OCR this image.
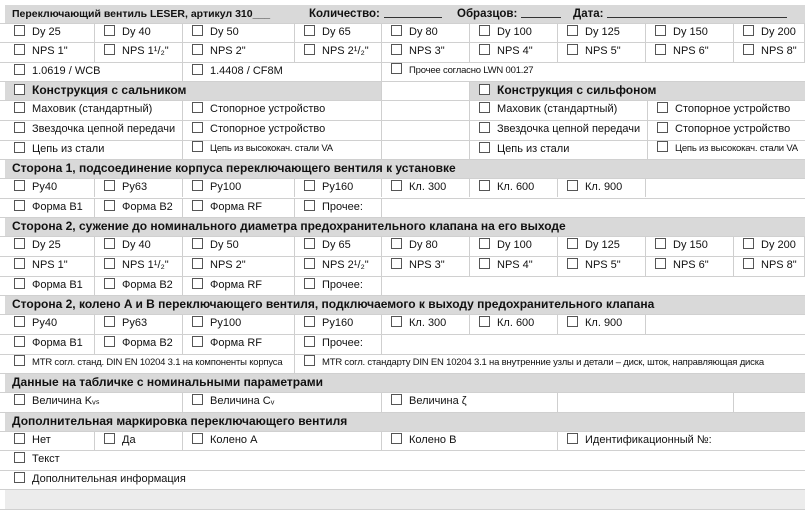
Переключающий вентиль LESER, артикул 310___	Количество:	Образцов:	Дата:
Dy 25	Dy 40	Dy 50	Dy 65	Dy 80	Dy 100	Dy 125	Dy 150	Dy 200
NPS 1"	NPS 1¹/₂"	NPS 2"	NPS 2¹/₂"	NPS 3"	NPS 4"	NPS 5"	NPS 6"	NPS 8"
1.0619 / WCB	1.4408 / CF8M	Прочее согласно LWN 001.27
Конструкция с сальником	Конструкция с сильфоном
Маховик (стандартный)	Стопорное устройство	Маховик (стандартный)	Стопорное устройство
Звездочка цепной передачи	Стопорное устройство	Звездочка цепной передачи	Стопорное устройство
Цепь из стали	Цепь из высококач. стали VA	Цепь из стали	Цепь из высококач. стали VA
Сторона 1, подсоединение корпуса переключающего вентиля к установке
Ру40	Ру63	Ру100	Ру160	Кл. 300	Кл. 600	Кл. 900
Форма B1	Форма B2	Форма RF	Прочее:
Сторона 2, сужение до номинального диаметра предохранительного клапана на его выходе
Dy 25	Dy 40	Dy 50	Dy 65	Dy 80	Dy 100	Dy 125	Dy 150	Dy 200
NPS 1"	NPS 1¹/₂"	NPS 2"	NPS 2¹/₂"	NPS 3"	NPS 4"	NPS 5"	NPS 6"	NPS 8"
Форма B1	Форма B2	Форма RF	Прочее:
Сторона 2, колено A и B переключающего вентиля, подключаемого к выходу предохранительного клапана
Ру40	Ру63	Ру100	Ру160	Кл. 300	Кл. 600	Кл. 900
Форма B1	Форма B2	Форма RF	Прочее:
MTR согл. станд. DIN EN 10204 3.1 на компоненты корпуса	MTR согл. стандарту DIN EN 10204 3.1 на внутренние узлы и детали – диск, шток, направляющая диска
Данные на табличке с номинальными параметрами
Величина Kᵥₛ	Величина Cᵥ	Величина ζ
Дополнительная маркировка переключающего вентиля
Нет	Да	Колено A	Колено B	Идентификационный №:
Текст
Дополнительная информация
